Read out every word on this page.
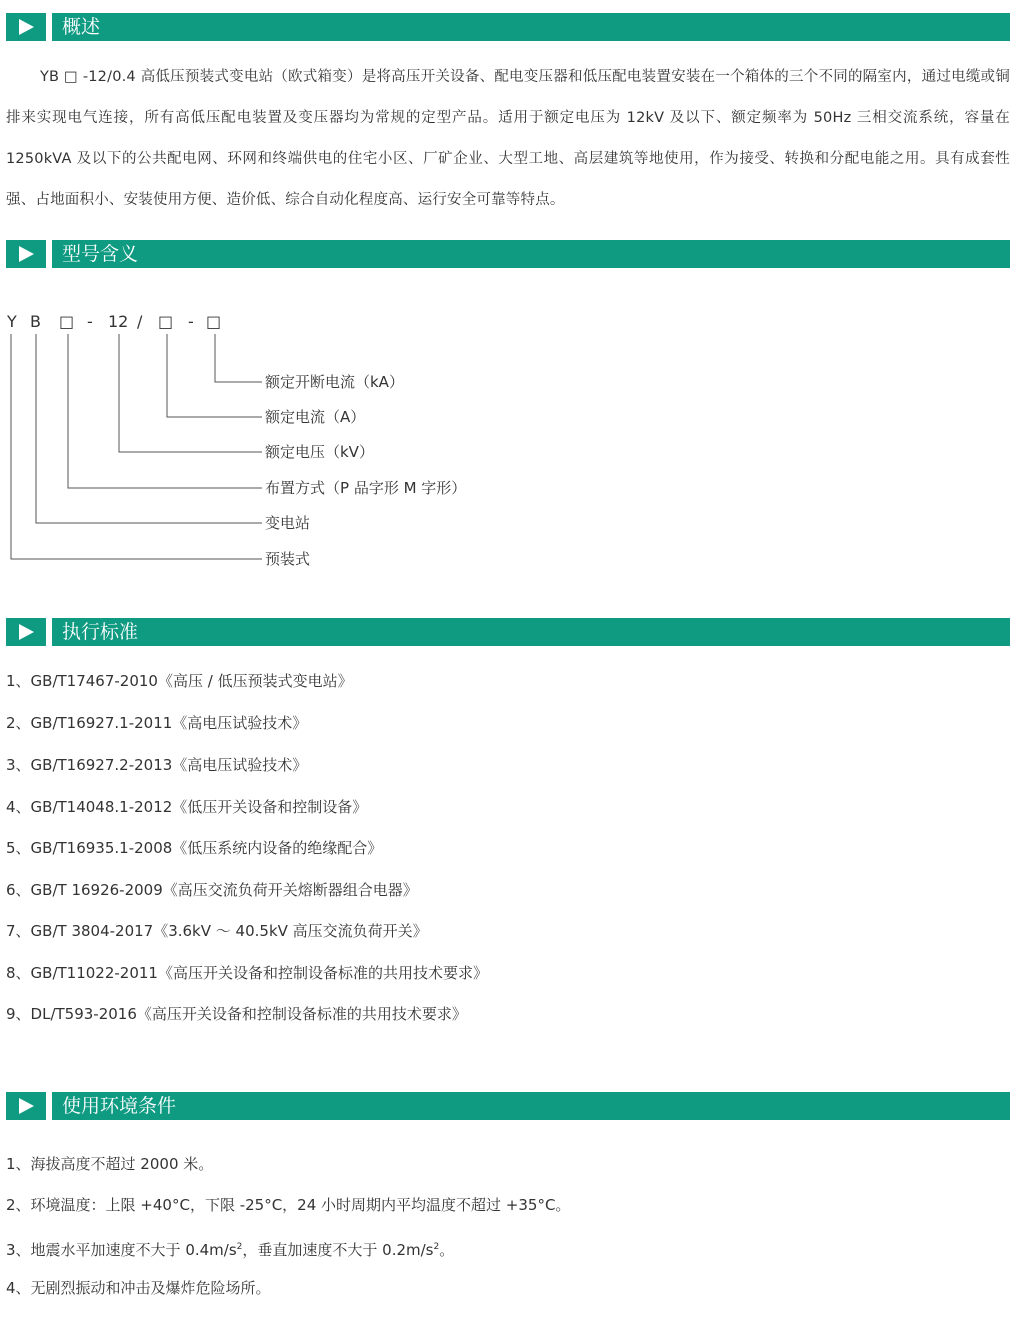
概述

YB □ -12/0.4 高低压预装式变电站（欧式箱变）是将高压开关设备、配电变压器和低压配电装置安装在一个箱体的三个不同的隔室内，通过电缆或铜排来实现电气连接，所有高低压配电装置及变压器均为常规的定型产品。适用于额定电压为 12kV 及以下、额定频率为 50Hz 三相交流系统，容量在 1250kVA 及以下的公共配电网、环网和终端供电的住宅小区、厂矿企业、大型工地、高层建筑等地使用，作为接受、转换和分配电能之用。具有成套性强、占地面积小、安装使用方便、造价低、综合自动化程度高、运行安全可靠等特点。

型号含义
Y B □ - 12 / □ - □
额定开断电流（kA）
额定电流（A）
额定电压（kV）
布置方式（P 品字形 M 字形）
变电站
预装式
执行标准
1、GB/T17467-2010《高压 / 低压预装式变电站》
2、GB/T16927.1-2011《高电压试验技术》
3、GB/T16927.2-2013《高电压试验技术》
4、GB/T14048.1-2012《低压开关设备和控制设备》
5、GB/T16935.1-2008《低压系统内设备的绝缘配合》
6、GB/T 16926-2009《高压交流负荷开关熔断器组合电器》
7、GB/T 3804-2017《3.6kV ～ 40.5kV 高压交流负荷开关》
8、GB/T11022-2011《高压开关设备和控制设备标准的共用技术要求》
9、DL/T593-2016《高压开关设备和控制设备标准的共用技术要求》
使用环境条件
1、海拔高度不超过 2000 米。
2、环境温度：上限 +40°C，下限 -25°C，24 小时周期内平均温度不超过 +35°C。
3、地震水平加速度不大于 $0.4m/s^2$，垂直加速度不大于 $0.2m/s^2$。
4、无剧烈振动和冲击及爆炸危险场所。
